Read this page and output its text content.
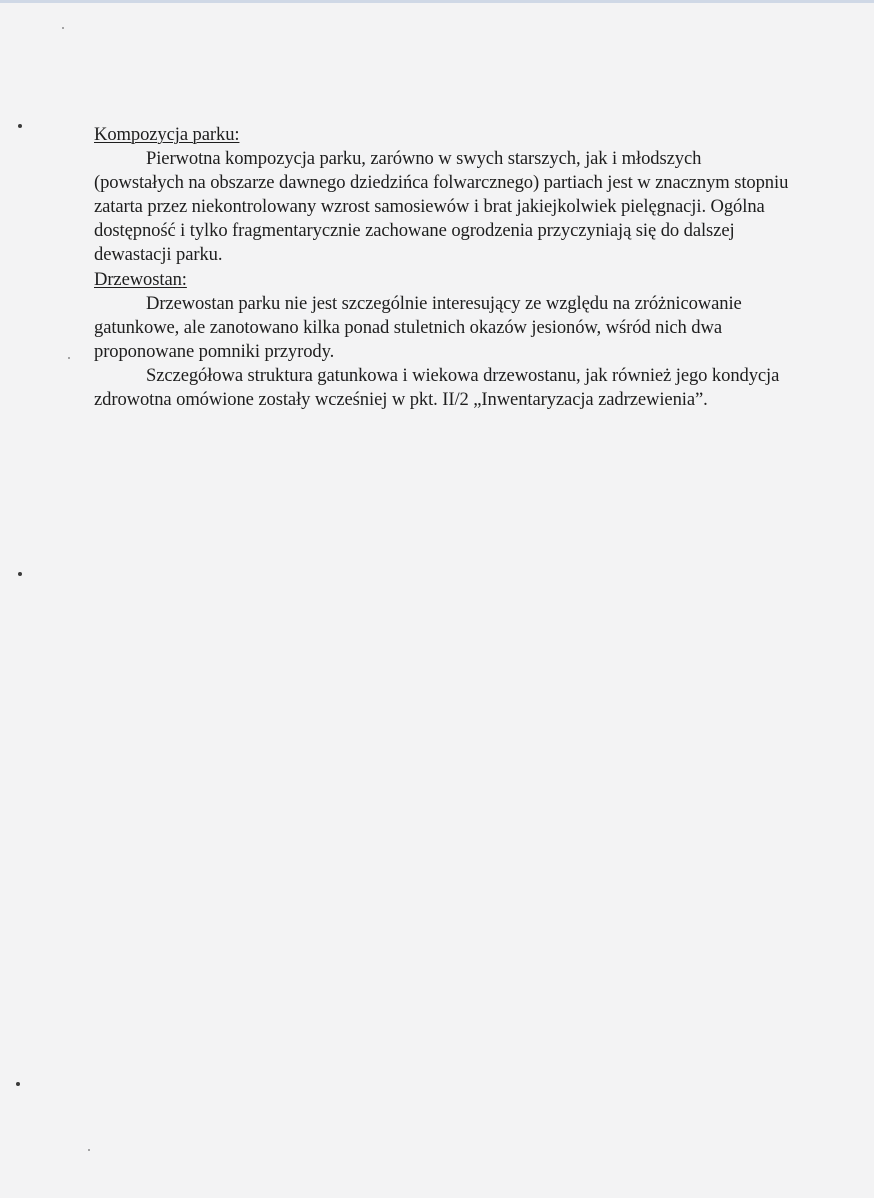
Kompozycja parku:

Pierwotna kompozycja parku, zarówno w swych starszych, jak i młodszych (powstałych na obszarze dawnego dziedzińca folwarcznego) partiach jest w znacznym stopniu zatarta przez niekontrolowany wzrost samosiewów i brat jakiejkolwiek pielęgnacji. Ogólna dostępność i tylko fragmentarycznie zachowane ogrodzenia przyczyniają się do dalszej dewastacji parku.

Drzewostan:

Drzewostan parku nie jest szczególnie interesujący ze względu na zróżnicowanie gatunkowe, ale zanotowano kilka ponad stuletnich okazów jesionów, wśród nich dwa proponowane pomniki przyrody.

Szczegółowa struktura gatunkowa i wiekowa drzewostanu, jak również jego kondycja zdrowotna omówione zostały wcześniej w pkt. II/2 „Inwentaryzacja zadrzewienia”.
